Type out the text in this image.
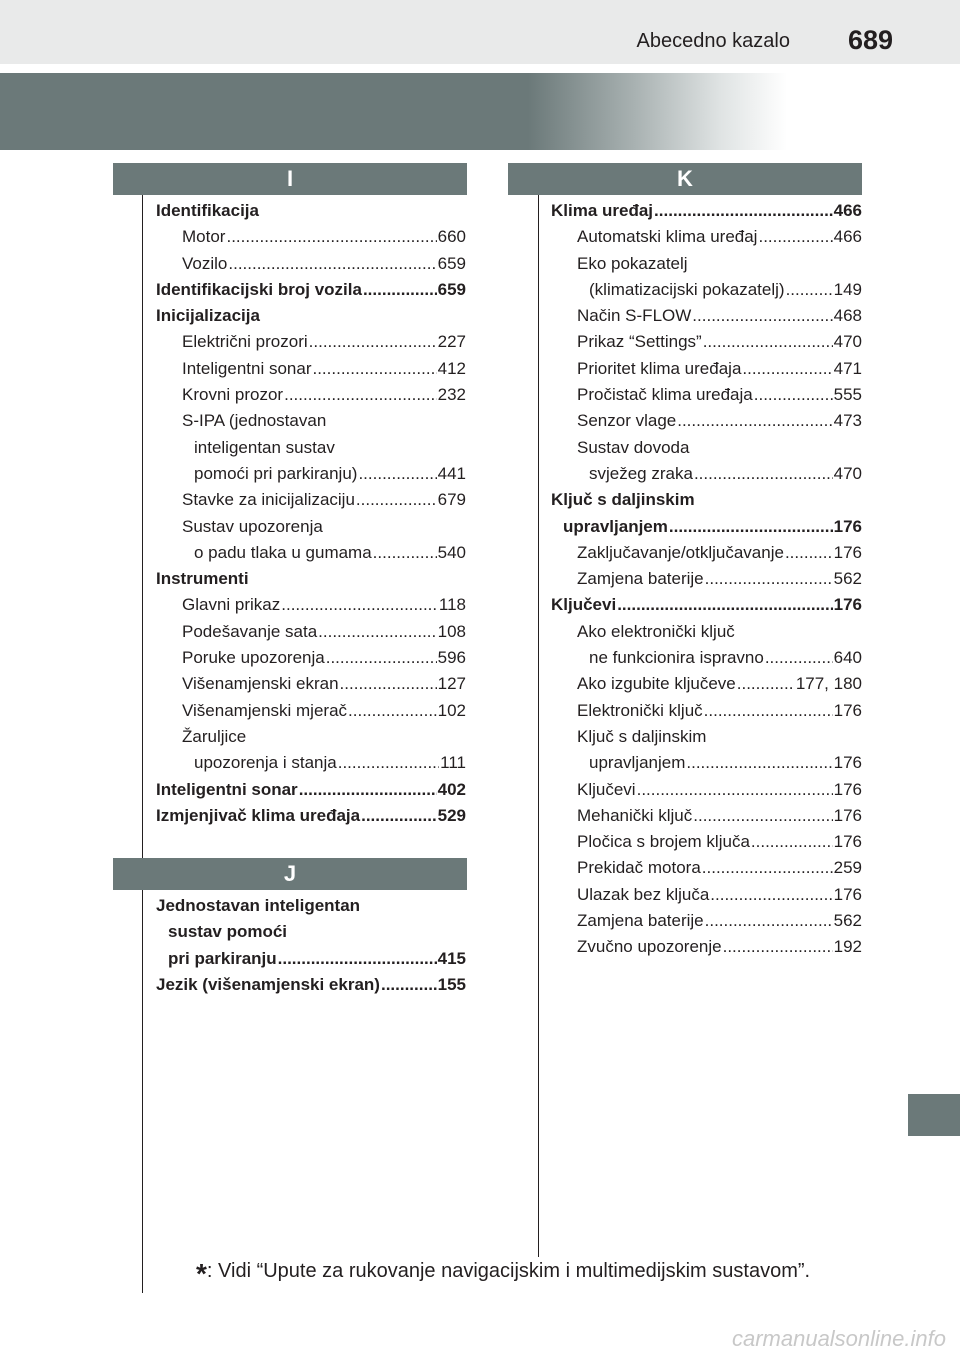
Abecedno kazalo 689
I	K
J
Identifikacija
Motor .....	660
Vozilo .....	659
Identifikacijski broj vozila .....	659
Inicijalizacija
Električni prozori .....	227
Inteligentni sonar .....	412
Krovni prozor .....	232
S-IPA (jednostavan
inteligentan sustav
pomoći pri parkiranju) .....	441
Stavke za inicijalizaciju .....	679
Sustav upozorenja
o padu tlaka u gumama .....	540
Instrumenti
Glavni prikaz .....	118
Podešavanje sata .....	108
Poruke upozorenja .....	596
Višenamjenski ekran .....	127
Višenamjenski mjerač .....	102
Žaruljice
upozorenja i stanja .....	111
Inteligentni sonar .....	402
Izmjenjivač klima uređaja .....	529
Jednostavan inteligentan
sustav pomoći
pri parkiranju .....	415
Jezik (višenamjenski ekran) .....	155
Klima uređaj .....	466
Automatski klima uređaj .....	466
Eko pokazatelj
(klimatizacijski pokazatelj) .....	149
Način S-FLOW .....	468
Prikaz “Settings” .....	470
Prioritet klima uređaja .....	471
Pročistač klima uređaja .....	555
Senzor vlage .....	473
Sustav dovoda
svježeg zraka .....	470
Ključ s daljinskim
upravljanjem .....	176
Zaključavanje/otključavanje .....	176
Zamjena baterije .....	562
Ključevi .....	176
Ako elektronički ključ
ne funkcionira ispravno .....	640
Ako izgubite ključeve .....	177, 180
Elektronički ključ .....	176
Ključ s daljinskim
upravljanjem .....	176
Ključevi .....	176
Mehanički ključ .....	176
Pločica s brojem ključa .....	176
Prekidač motora .....	259
Ulazak bez ključa .....	176
Zamjena baterije .....	562
Zvučno upozorenje .....	192
*: Vidi “Upute za rukovanje navigacijskim i multimedijskim sustavom”.
carmanualsonline.info
